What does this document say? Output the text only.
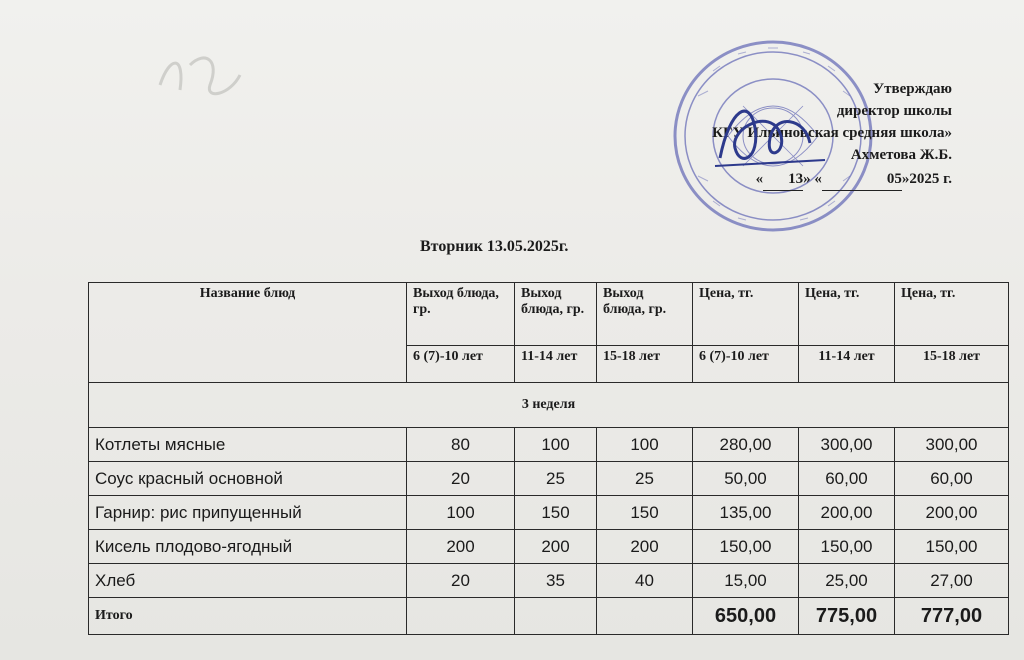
Утверждаю
директор школы
КГУ Ильиновская средняя школа»
Ахметова Ж.Б.
« 13» «	05»2025 г.
Вторник 13.05.2025г.
Название блюд	Выход блюда, гр.	Выход блюда, гр.	Выход блюда, гр.	Цена, тг.	Цена, тг.	Цена, тг.
	6 (7)-10 лет	11-14 лет	15-18 лет	6 (7)-10 лет	11-14 лет	15-18 лет
3 неделя						
Котлеты мясные	80	100	100	280,00	300,00	300,00
Соус красный основной	20	25	25	50,00	60,00	60,00
Гарнир: рис припущенный	100	150	150	135,00	200,00	200,00
Кисель плодово-ягодный	200	200	200	150,00	150,00	150,00
Хлеб	20	35	40	15,00	25,00	27,00
Итого				650,00	775,00	777,00
